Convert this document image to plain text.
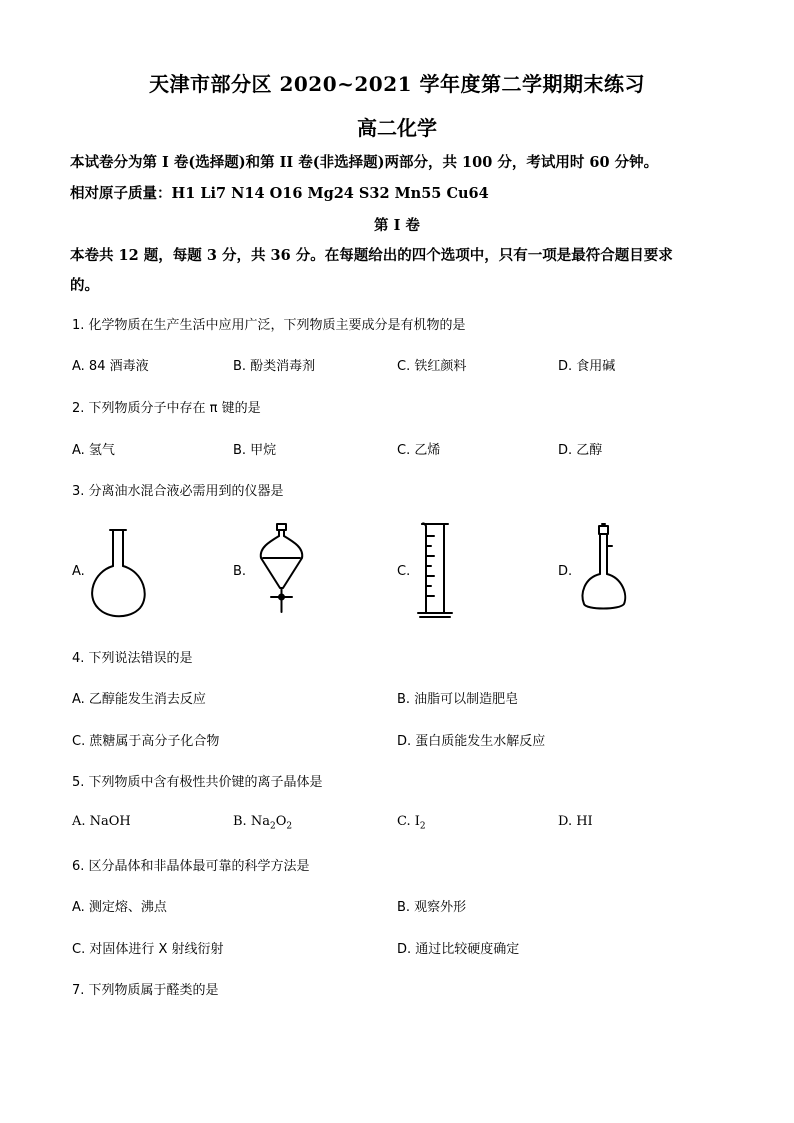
天津市部分区 2020~2021 学年度第二学期期末练习
高二化学
本试卷分为第 I 卷(选择题)和第 II 卷(非选择题)两部分，共 100 分，考试用时 60 分钟。
相对原子质量：H1 Li7 N14 O16 Mg24 S32 Mn55 Cu64
第 I 卷
本卷共 12 题，每题 3 分，共 36 分。在每题给出的四个选项中，只有一项是最符合题目要求
的。
1. 化学物质在生产生活中应用广泛，下列物质主要成分是有机物的是
A. 84 酒毒液	B. 酚类消毒剂	C. 铁红颜料	D. 食用碱
2. 下列物质分子中存在 π 键的是
A. 氢气	B. 甲烷	C. 乙烯	D. 乙醇
3. 分离油水混合液必需用到的仪器是
A.	B.	C.	D.
4. 下列说法错误的是
A. 乙醇能发生消去反应	B. 油脂可以制造肥皂
C. 蔗糖属于高分子化合物	D. 蛋白质能发生水解反应
5. 下列物质中含有极性共价键的离子晶体是
A. NaOH	B. $Na_2O_2$	C. $I_2$	D. HI
6. 区分晶体和非晶体最可靠的科学方法是
A. 测定熔、沸点	B. 观察外形
C. 对固体进行 X 射线衍射	D. 通过比较硬度确定
7. 下列物质属于醛类的是
